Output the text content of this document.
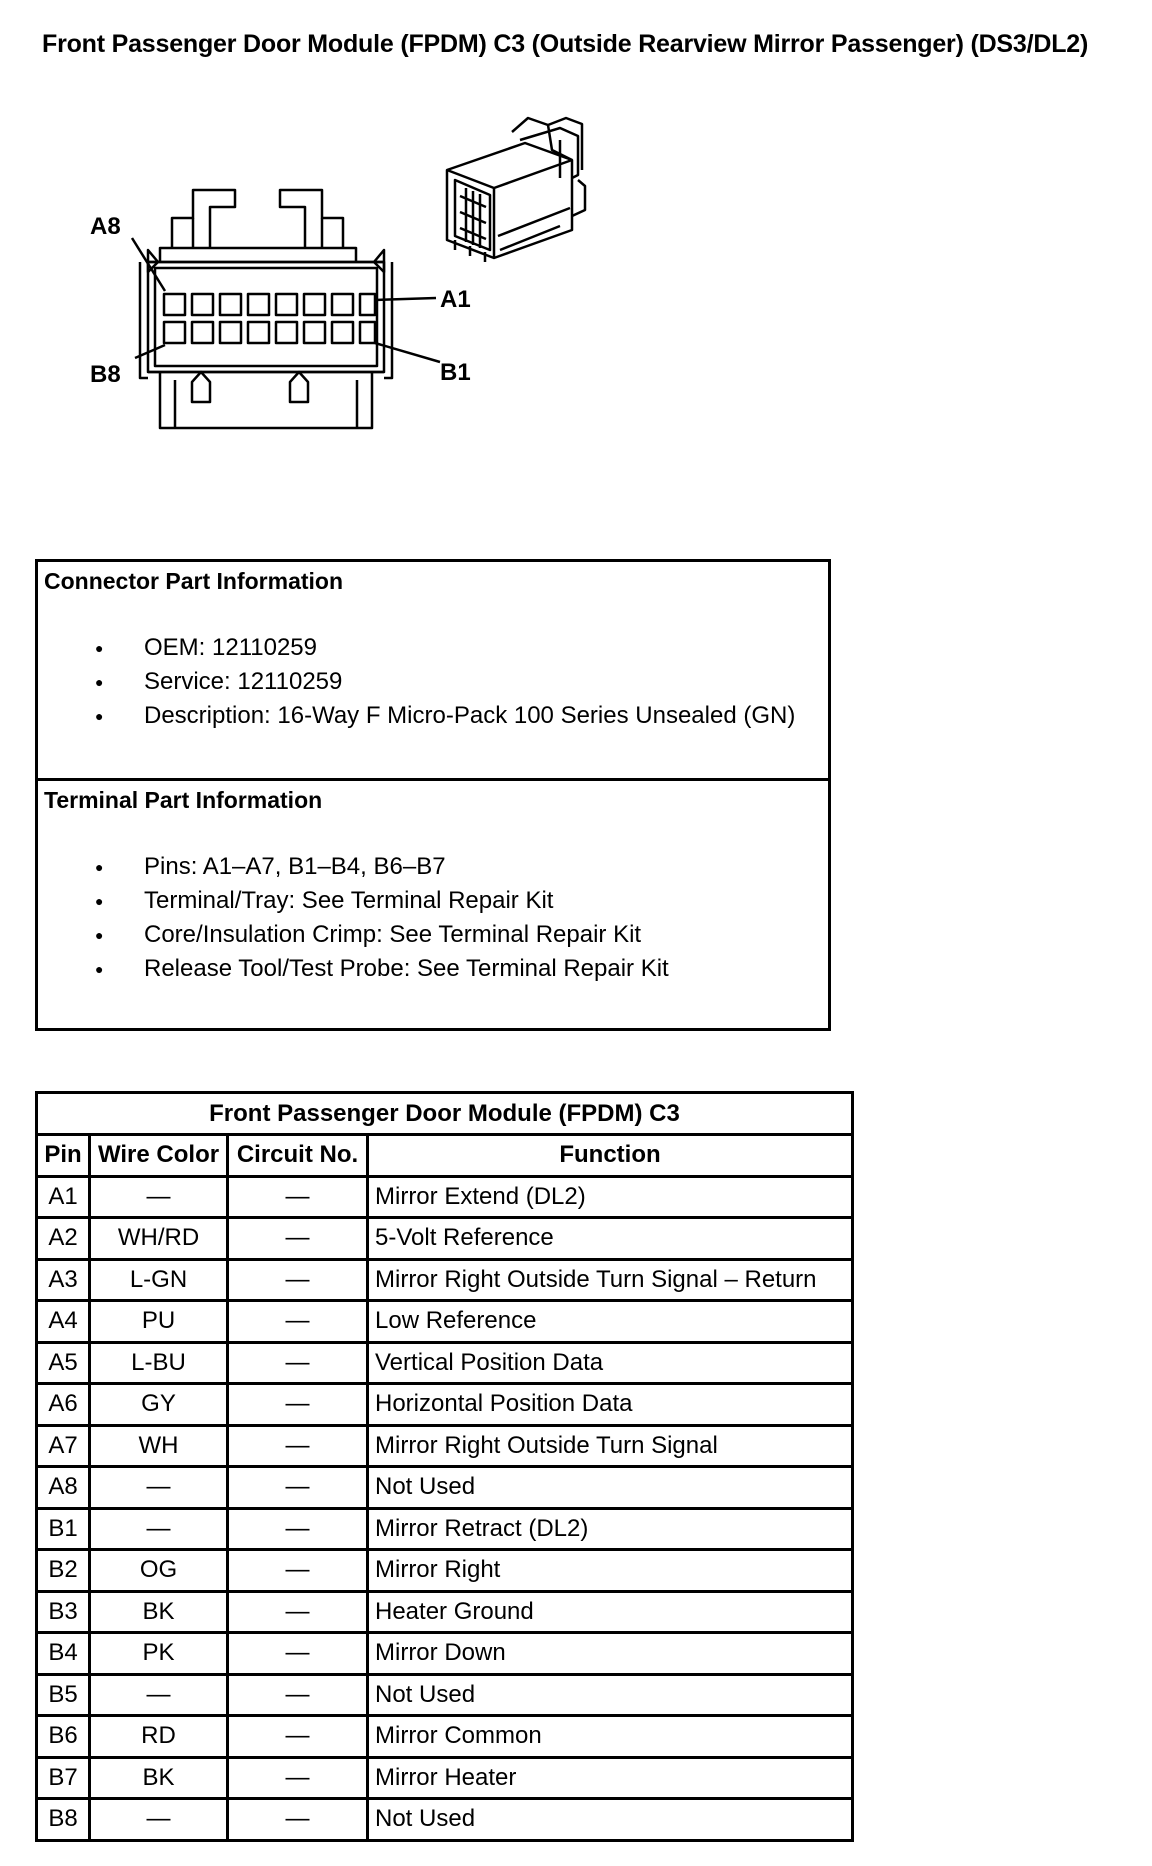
Front Passenger Door Module (FPDM) C3 (Outside Rearview Mirror Passenger) (DS3/DL2)
A8
A1
B8	B1
Connector Part Information
● OEM: 12110259
● Service: 12110259
● Description: 16-Way F Micro-Pack 100 Series Unsealed (GN)
Terminal Part Information
● Pins: A1–A7, B1–B4, B6–B7
● Terminal/Tray: See Terminal Repair Kit
● Core/Insulation Crimp: See Terminal Repair Kit
● Release Tool/Test Probe: See Terminal Repair Kit
Front Passenger Door Module (FPDM) C3			
Pin	Wire Color	Circuit No.	Function
A1	—	—	Mirror Extend (DL2)
A2	WH/RD	—	5-Volt Reference
A3	L-GN	—	Mirror Right Outside Turn Signal – Return
A4	PU	—	Low Reference
A5	L-BU	—	Vertical Position Data
A6	GY	—	Horizontal Position Data
A7	WH	—	Mirror Right Outside Turn Signal
A8	—	—	Not Used
B1	—	—	Mirror Retract (DL2)
B2	OG	—	Mirror Right
B3	BK	—	Heater Ground
B4	PK	—	Mirror Down
B5	—	—	Not Used
B6	RD	—	Mirror Common
B7	BK	—	Mirror Heater
B8	—	—	Not Used
